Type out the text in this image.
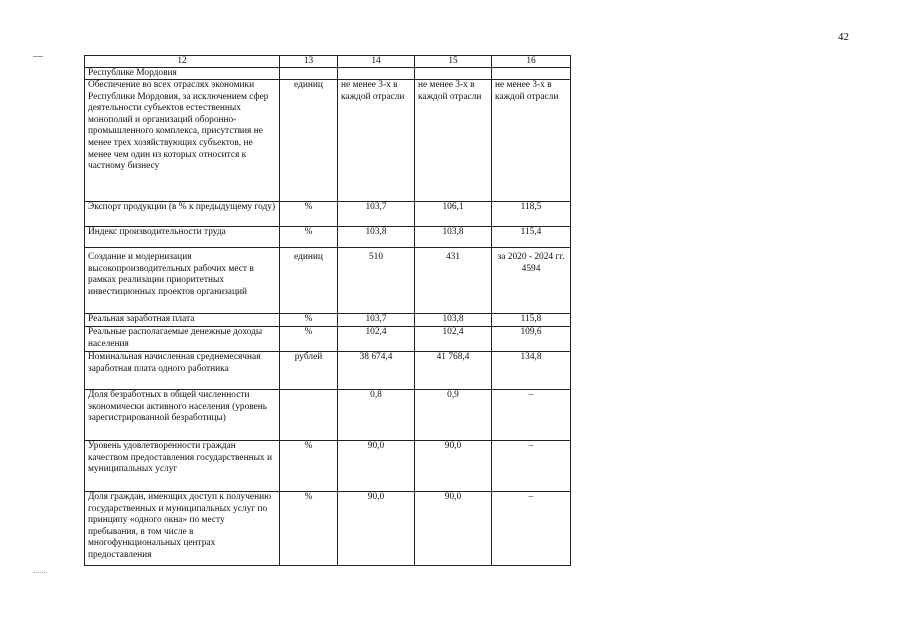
42
12	13	14	15	16
Республике Мордовия				
Обеспечение во всех отраслях экономики Республики Мордовия, за исключением сфер деятельности субъектов естественных монополий и организаций оборонно-промышленного комплекса, присутствия не менее трех хозяйствующих субъектов, не менее чем один из которых относится к частному бизнесу	единиц	не менее 3-х в каждой отрасли	не менее 3-х в каждой отрасли	не менее 3-х в каждой отрасли
Экспорт продукции (в % к предыдущему году)	%	103,7	106,1	118,5
Индекс производительности труда	%	103,8	103,8	115,4
Создание и модернизация высокопроизводительных рабочих мест в рамках реализации приоритетных инвестиционных проектов организаций	единиц	510	431	за 2020 - 2024 гг. 4594
Реальная заработная плата	%	103,7	103,8	115,8
Реальные располагаемые денежные доходы населения	%	102,4	102,4	109,6
Номинальная начисленная среднемесячная заработная плата одного работника	рублей	38 674,4	41 768,4	134,8
Доля безработных в общей численности экономически активного населения (уровень зарегистрированной безработицы)		0,8	0,9	–
Уровень удовлетворенности граждан качеством предоставления государственных и муниципальных услуг	%	90,0	90,0	–
Доля граждан, имеющих доступ к получению государственных и муниципальных услуг по принципу «одного окна» по месту пребывания, в том числе в многофункциональных центрах предоставления	%	90,0	90,0	–
